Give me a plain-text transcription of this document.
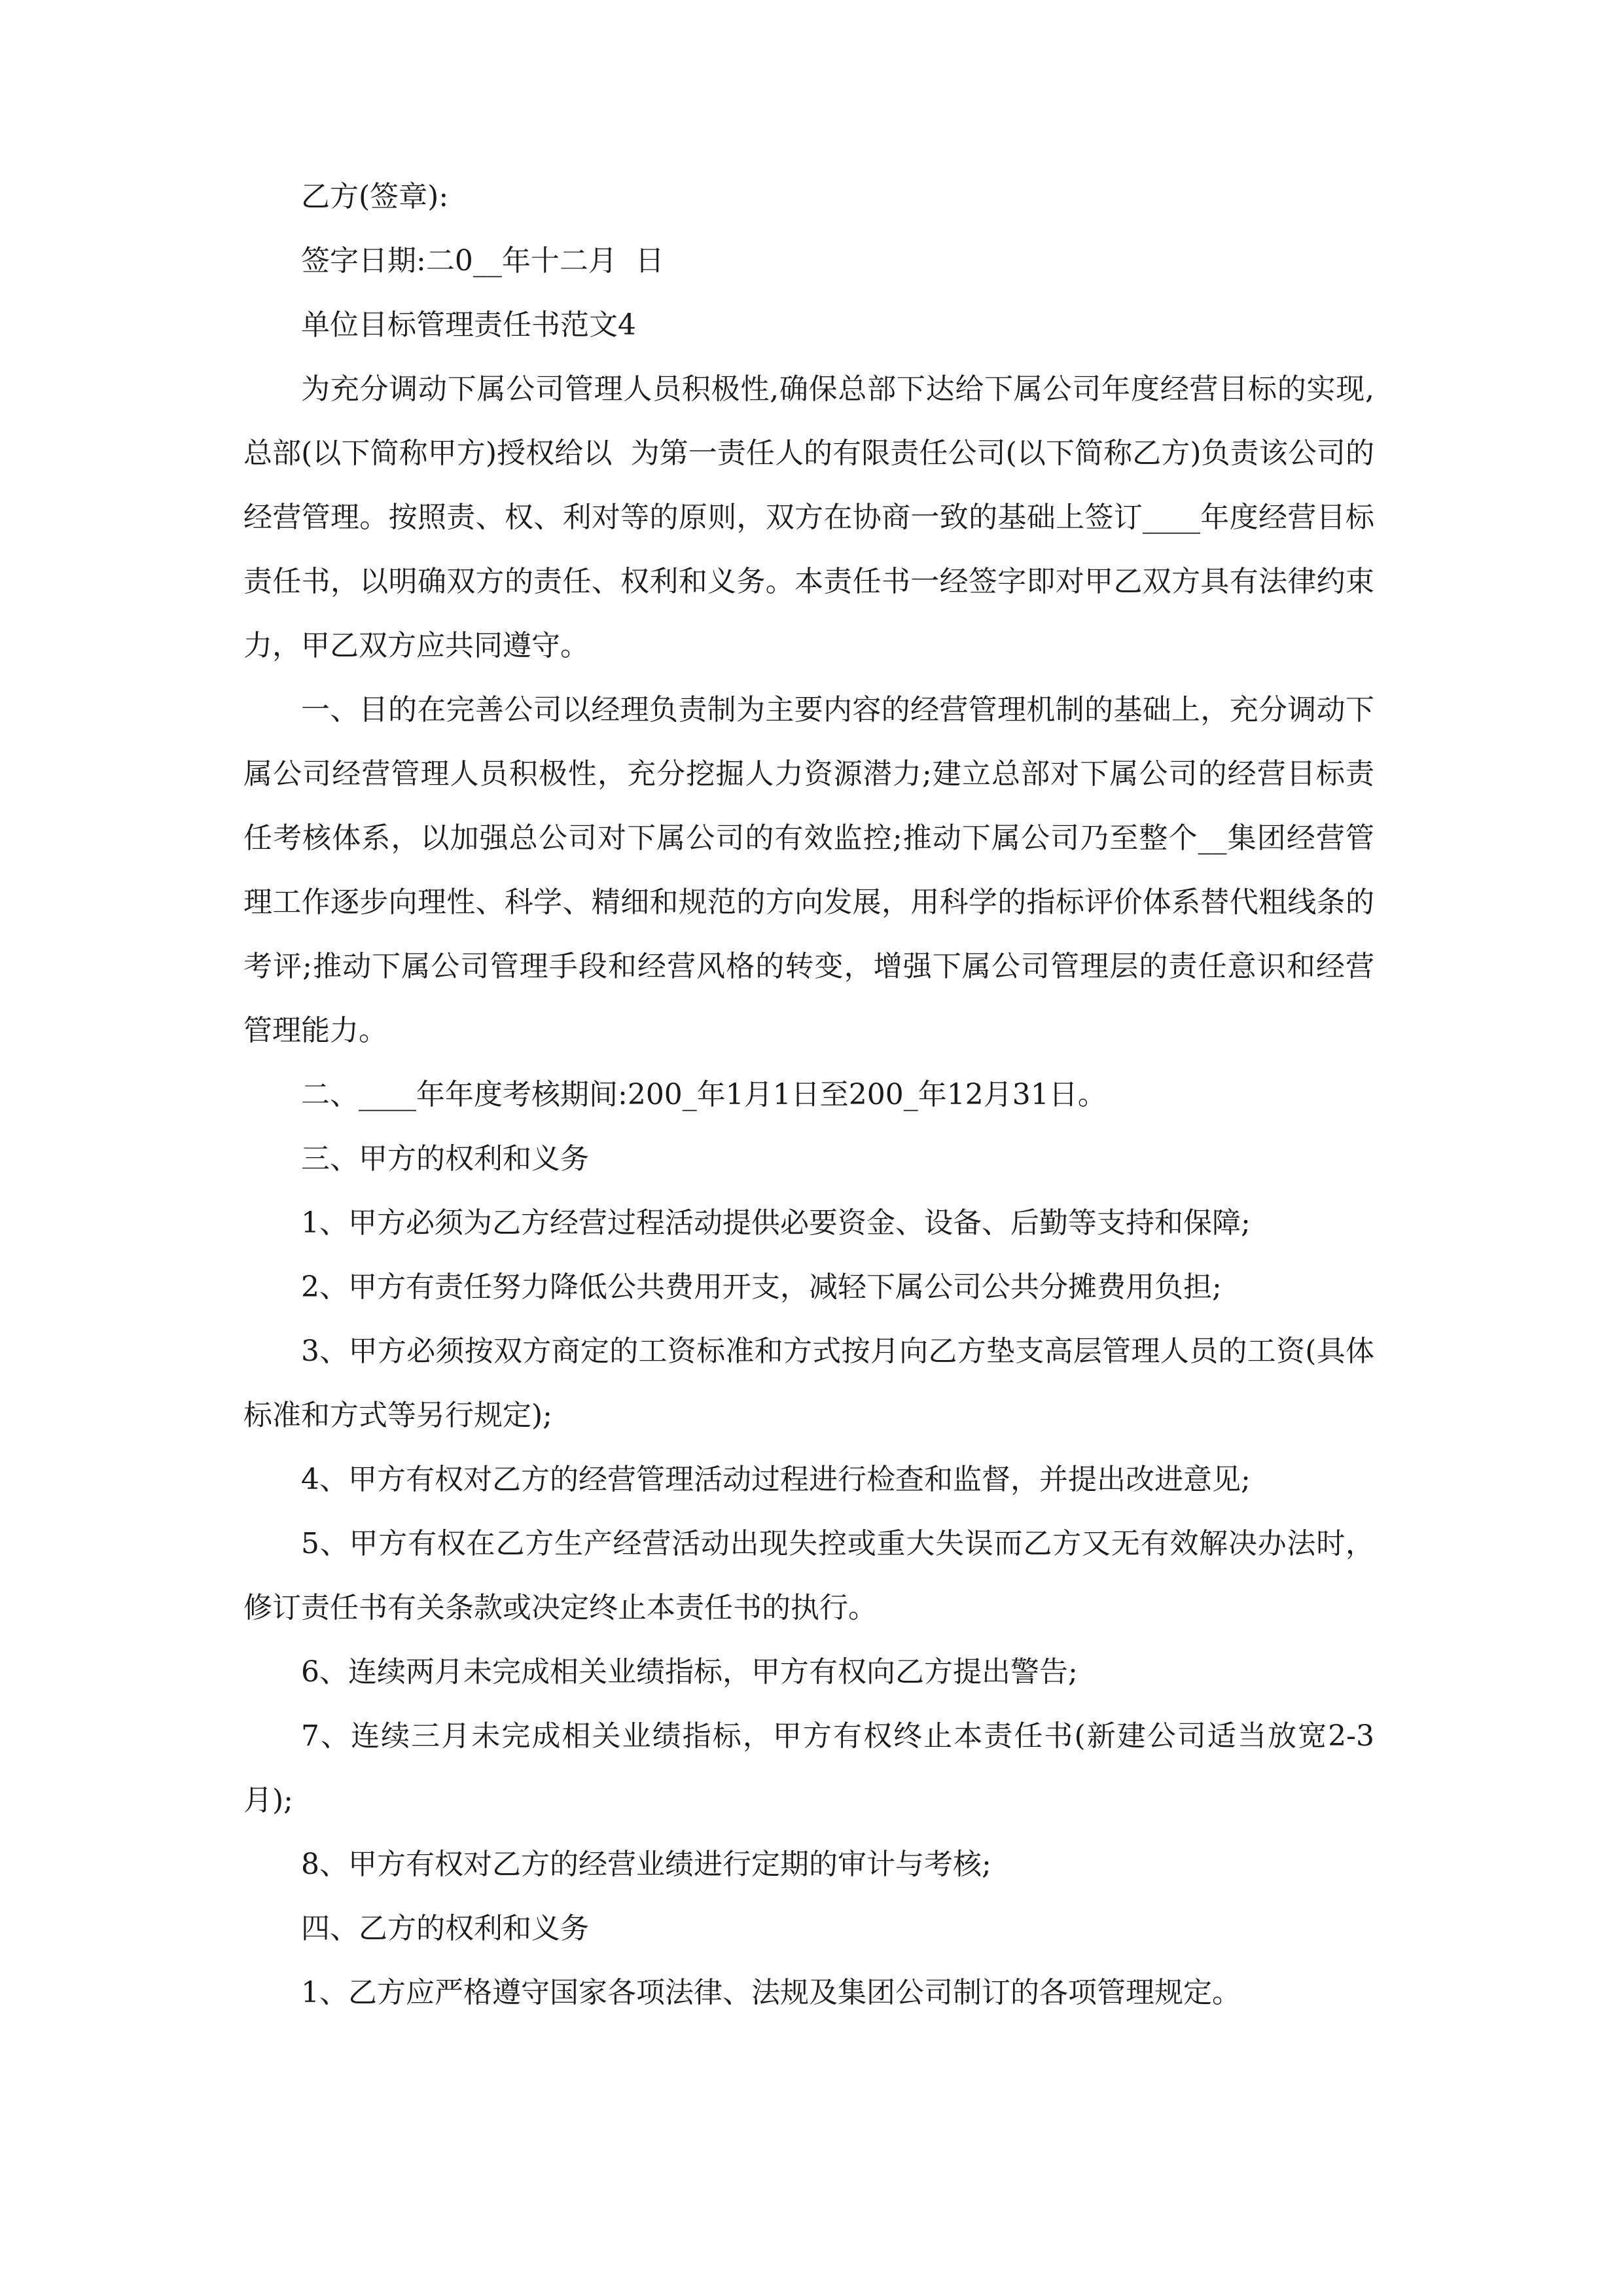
乙方(签章):

签字日期:二0__年十二月  日

单位目标管理责任书范文4

为充分调动下属公司管理人员积极性,确保总部下达给下属公司年度经营目标的实现,总部(以下简称甲方)授权给以  为第一责任人的有限责任公司(以下简称乙方)负责该公司的经营管理。按照责、权、利对等的原则，双方在协商一致的基础上签订____年度经营目标责任书，以明确双方的责任、权利和义务。本责任书一经签字即对甲乙双方具有法律约束力，甲乙双方应共同遵守。

一、目的在完善公司以经理负责制为主要内容的经营管理机制的基础上，充分调动下属公司经营管理人员积极性，充分挖掘人力资源潜力;建立总部对下属公司的经营目标责任考核体系，以加强总公司对下属公司的有效监控;推动下属公司乃至整个__集团经营管理工作逐步向理性、科学、精细和规范的方向发展，用科学的指标评价体系替代粗线条的考评;推动下属公司管理手段和经营风格的转变，增强下属公司管理层的责任意识和经营管理能力。

二、____年年度考核期间:200_年1月1日至200_年12月31日。

三、甲方的权利和义务

1、甲方必须为乙方经营过程活动提供必要资金、设备、后勤等支持和保障;

2、甲方有责任努力降低公共费用开支，减轻下属公司公共分摊费用负担;

3、甲方必须按双方商定的工资标准和方式按月向乙方垫支高层管理人员的工资(具体标准和方式等另行规定);

4、甲方有权对乙方的经营管理活动过程进行检查和监督，并提出改进意见;

5、甲方有权在乙方生产经营活动出现失控或重大失误而乙方又无有效解决办法时，修订责任书有关条款或决定终止本责任书的执行。

6、连续两月未完成相关业绩指标，甲方有权向乙方提出警告;

7、连续三月未完成相关业绩指标，甲方有权终止本责任书(新建公司适当放宽2-3月);

8、甲方有权对乙方的经营业绩进行定期的审计与考核;

四、乙方的权利和义务

1、乙方应严格遵守国家各项法律、法规及集团公司制订的各项管理规定。
